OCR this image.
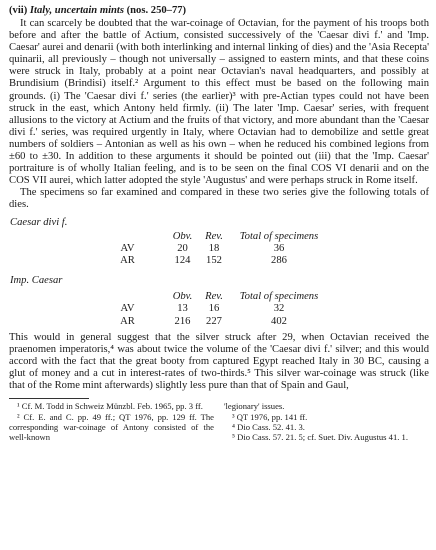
(vii) Italy, uncertain mints (nos. 250–77)

It can scarcely be doubted that the war-coinage of Octavian, for the payment of his troops both before and after the battle of Actium, consisted successively of the 'Caesar divi f.' and 'Imp. Caesar' aurei and denarii (with both interlinking and internal linking of dies) and the 'Asia Recepta' quinarii, all previously – though not universally – assigned to eastern mints, and that these coins were struck in Italy, probably at a point near Octavian's naval headquarters, and possibly at Brundisium (Brindisi) itself.² Argument to this effect must be based on the following main grounds. (i) The 'Caesar divi f.' series (the earlier)³ with pre-Actian types could not have been struck in the east, which Antony held firmly. (ii) The later 'Imp. Caesar' series, with frequent allusions to the victory at Actium and the fruits of that victory, and more abundant than the 'Caesar divi f.' series, was required urgently in Italy, where Octavian had to demobilize and settle great numbers of soldiers – Antonian as well as his own – when he reduced his combined legions from ±60 to ±30. In addition to these arguments it should be pointed out (iii) that the 'Imp. Caesar' portraiture is of wholly Italian feeling, and is to be seen on the final COS VI denarii and on the COS VII aurei, which latter adopted the style 'Augustus' and were perhaps struck in Rome itself.

The specimens so far examined and compared in these two series give the following totals of dies.

Caesar divi f.
	Obv.	Rev.	Total of specimens
AV	20	18	36
AR	124	152	286
Imp. Caesar
	Obv.	Rev.	Total of specimens
AV	13	16	32
AR	216	227	402

This would in general suggest that the silver struck after 29, when Octavian received the praenomen imperatoris,⁴ was about twice the volume of the 'Caesar divi f.' silver; and this would accord with the fact that the great booty from captured Egypt reached Italy in 30 BC, causing a glut of money and a cut in interest-rates of two-thirds.⁵ This silver war-coinage was struck (like that of the Rome mint afterwards) slightly less pure than that of Spain and Gaul,

¹ Cf. M. Todd in Schweiz Münzbl. Feb. 1965, pp. 3 ff.

² Cf. E. and C. pp. 49 ff.; QT 1976, pp. 129 ff. The corresponding war-coinage of Antony consisted of the well-known

'legionary' issues.

³ QT 1976, pp. 141 ff.

⁴ Dio Cass. 52. 41. 3.

⁵ Dio Cass. 57. 21. 5; cf. Suet. Div. Augustus 41. 1.
